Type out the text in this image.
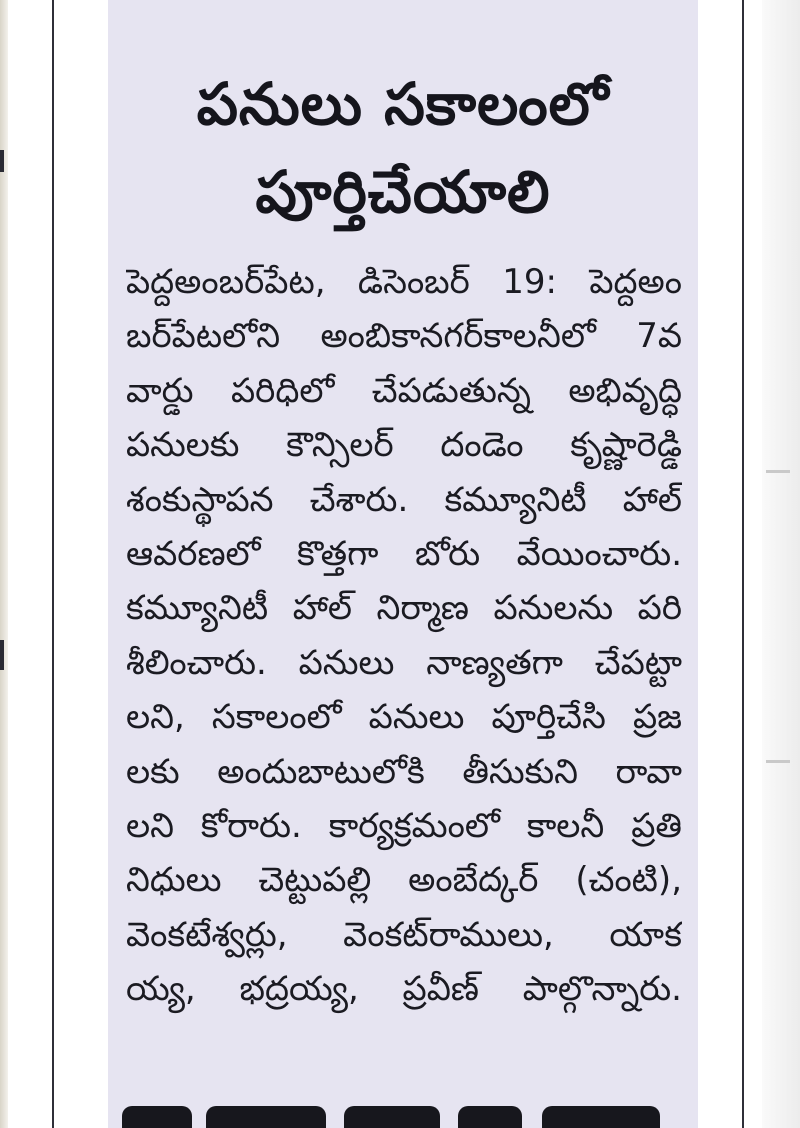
పనులు సకాలంలో
పూర్తిచేయాలి
పెద్దఅంబర్‌పేట, డిసెంబర్ 19: పెద్దఅం
బర్‌పేటలోని అంబికానగర్‌కాలనీలో 7వ
వార్డు పరిధిలో చేపడుతున్న అభివృద్ధి
పనులకు కౌన్సిలర్ దండెం కృష్ణారెడ్డి
శంకుస్థాపన చేశారు. కమ్యూనిటీ హాల్
ఆవరణలో కొత్తగా బోరు వేయించారు.
కమ్యూనిటీ హాల్ నిర్మాణ పనులను పరి
శీలించారు. పనులు నాణ్యతగా చేపట్టా
లని, సకాలంలో పనులు పూర్తిచేసి ప్రజ
లకు అందుబాటులోకి తీసుకుని రావా
లని కోరారు. కార్యక్రమంలో కాలనీ ప్రతి
నిధులు చెట్టుపల్లి అంబేద్కర్ (చంటి),
వెంకటేశ్వర్లు, వెంకట్‌రాములు, యాక
య్య, భద్రయ్య, ప్రవీణ్ పాల్గొన్నారు.
